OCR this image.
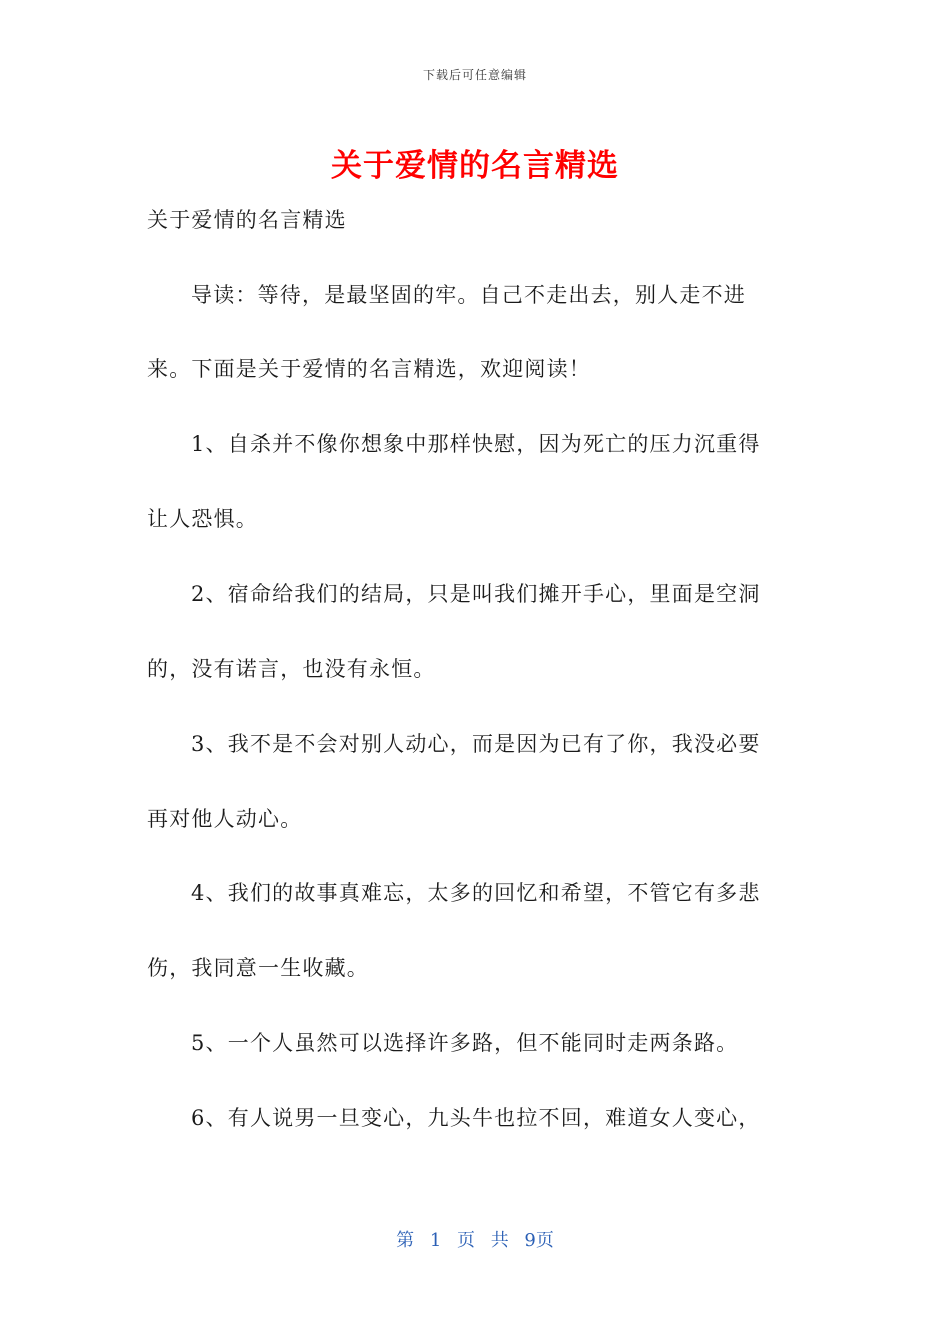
下载后可任意编辑
关于爱情的名言精选
关于爱情的名言精选
导读：等待，是最坚固的牢。自己不走出去，别人走不进
来。下面是关于爱情的名言精选，欢迎阅读！
1、自杀并不像你想象中那样快慰，因为死亡的压力沉重得
让人恐惧。
2、宿命给我们的结局，只是叫我们摊开手心，里面是空洞
的，没有诺言，也没有永恒。
3、我不是不会对别人动心，而是因为已有了你，我没必要
再对他人动心。
4、我们的故事真难忘，太多的回忆和希望，不管它有多悲
伤，我同意一生收藏。
5、一个人虽然可以选择许多路，但不能同时走两条路。
6、有人说男一旦变心，九头牛也拉不回，难道女人变心，
第 1 页 共 9页
